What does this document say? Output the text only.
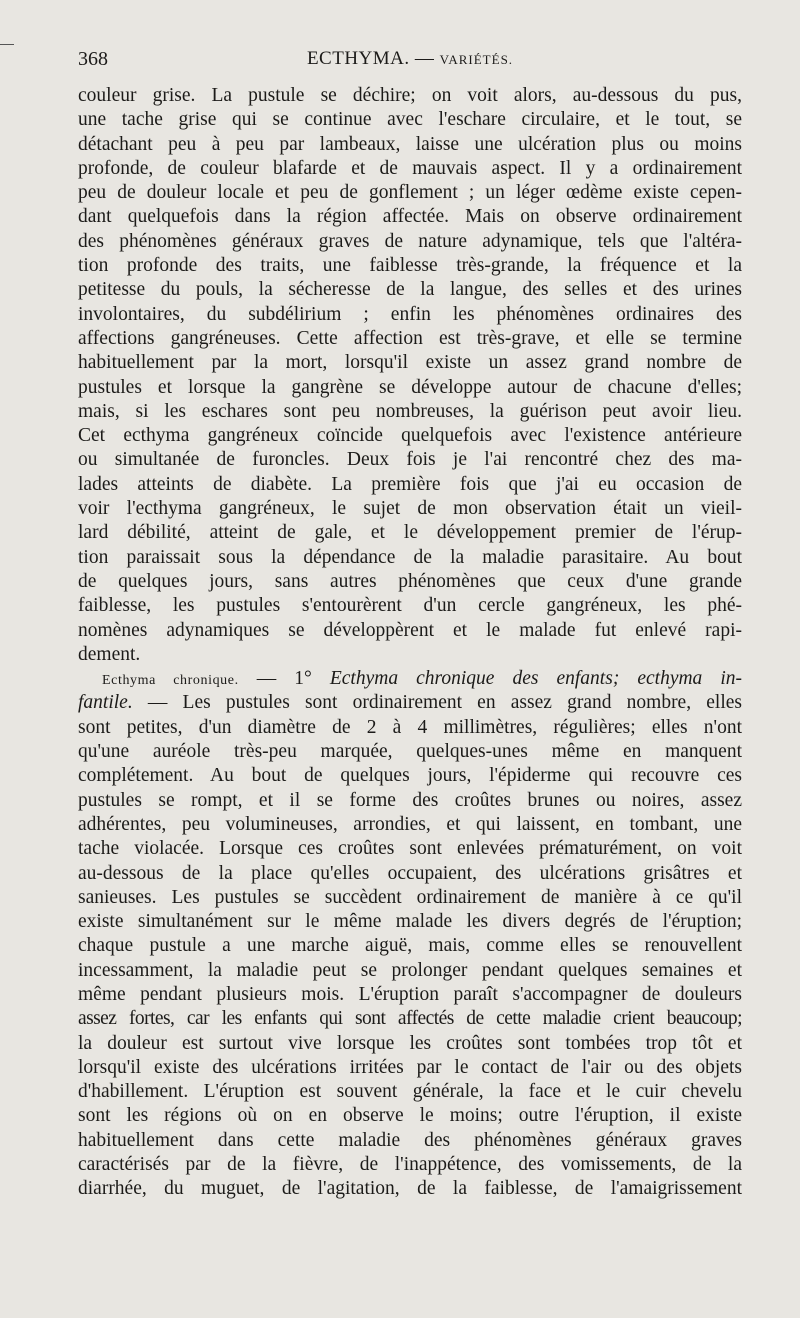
368	ECTHYMA. — VARIÉTÉS.
couleur grise. La pustule se déchire; on voit alors, au-dessous du pus,
une tache grise qui se continue avec l'eschare circulaire, et le tout, se
détachant peu à peu par lambeaux, laisse une ulcération plus ou moins
profonde, de couleur blafarde et de mauvais aspect. Il y a ordinairement
peu de douleur locale et peu de gonflement ; un léger œdème existe cepen-
dant quelquefois dans la région affectée. Mais on observe ordinairement
des phénomènes généraux graves de nature adynamique, tels que l'altéra-
tion profonde des traits, une faiblesse très-grande, la fréquence et la
petitesse du pouls, la sécheresse de la langue, des selles et des urines
involontaires, du subdélirium ; enfin les phénomènes ordinaires des
affections gangréneuses. Cette affection est très-grave, et elle se termine
habituellement par la mort, lorsqu'il existe un assez grand nombre de
pustules et lorsque la gangrène se développe autour de chacune d'elles;
mais, si les eschares sont peu nombreuses, la guérison peut avoir lieu.
Cet ecthyma gangréneux coïncide quelquefois avec l'existence antérieure
ou simultanée de furoncles. Deux fois je l'ai rencontré chez des ma-
lades atteints de diabète. La première fois que j'ai eu occasion de
voir l'ecthyma gangréneux, le sujet de mon observation était un vieil-
lard débilité, atteint de gale, et le développement premier de l'érup-
tion paraissait sous la dépendance de la maladie parasitaire. Au bout
de quelques jours, sans autres phénomènes que ceux d'une grande
faiblesse, les pustules s'entourèrent d'un cercle gangréneux, les phé-
nomènes adynamiques se développèrent et le malade fut enlevé rapi-
dement.
Ecthyma chronique. — 1° Ecthyma chronique des enfants; ecthyma in-
fantile. — Les pustules sont ordinairement en assez grand nombre, elles
sont petites, d'un diamètre de 2 à 4 millimètres, régulières; elles n'ont
qu'une auréole très-peu marquée, quelques-unes même en manquent
complétement. Au bout de quelques jours, l'épiderme qui recouvre ces
pustules se rompt, et il se forme des croûtes brunes ou noires, assez
adhérentes, peu volumineuses, arrondies, et qui laissent, en tombant, une
tache violacée. Lorsque ces croûtes sont enlevées prématurément, on voit
au-dessous de la place qu'elles occupaient, des ulcérations grisâtres et
sanieuses. Les pustules se succèdent ordinairement de manière à ce qu'il
existe simultanément sur le même malade les divers degrés de l'éruption;
chaque pustule a une marche aiguë, mais, comme elles se renouvellent
incessamment, la maladie peut se prolonger pendant quelques semaines et
même pendant plusieurs mois. L'éruption paraît s'accompagner de douleurs
assez fortes, car les enfants qui sont affectés de cette maladie crient beaucoup;
la douleur est surtout vive lorsque les croûtes sont tombées trop tôt et
lorsqu'il existe des ulcérations irritées par le contact de l'air ou des objets
d'habillement. L'éruption est souvent générale, la face et le cuir chevelu
sont les régions où on en observe le moins; outre l'éruption, il existe
habituellement dans cette maladie des phénomènes généraux graves
caractérisés par de la fièvre, de l'inappétence, des vomissements, de la
diarrhée, du muguet, de l'agitation, de la faiblesse, de l'amaigrissement
